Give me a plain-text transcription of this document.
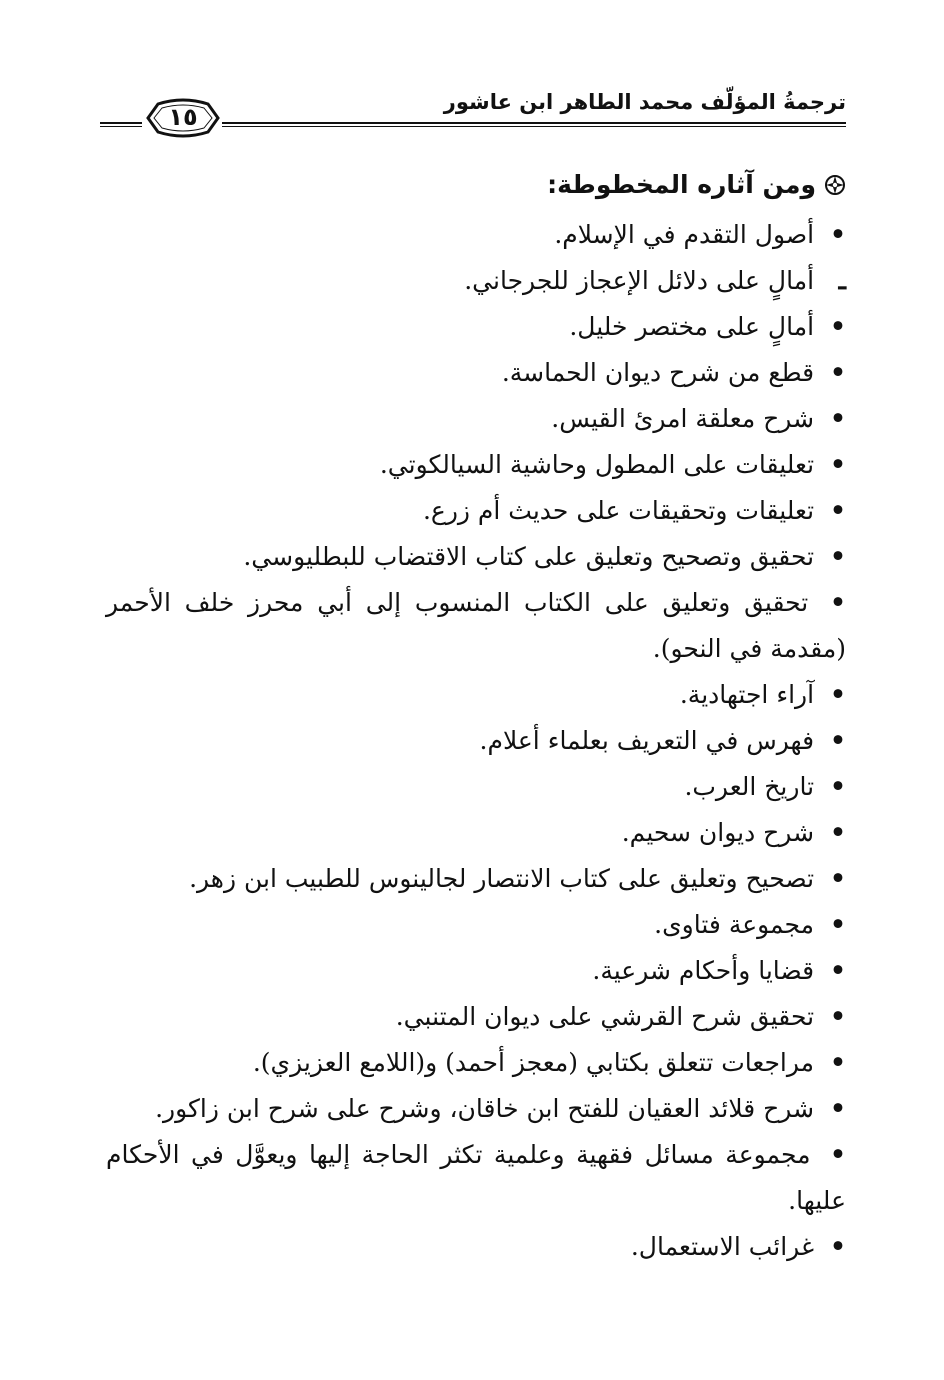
ترجمةُ المؤلّف محمد الطاهر ابن عاشور
١٥
ومن آثاره المخطوطة:
• أصول التقدم في الإسلام.
ـ أمالٍ على دلائل الإعجاز للجرجاني.
• أمالٍ على مختصر خليل.
• قطع من شرح ديوان الحماسة.
• شرح معلقة امرئ القيس.
• تعليقات على المطول وحاشية السيالكوتي.
• تعليقات وتحقيقات على حديث أم زرع.
• تحقيق وتصحيح وتعليق على كتاب الاقتضاب للبطليوسي.
• تحقيق وتعليق على الكتاب المنسوب إلى أبي محرز خلف الأحمر (مقدمة في النحو).
• آراء اجتهادية.
• فهرس في التعريف بعلماء أعلام.
• تاريخ العرب.
• شرح ديوان سحيم.
• تصحيح وتعليق على كتاب الانتصار لجالينوس للطبيب ابن زهر.
• مجموعة فتاوى.
• قضايا وأحكام شرعية.
• تحقيق شرح القرشي على ديوان المتنبي.
• مراجعات تتعلق بكتابي (معجز أحمد) و(اللامع العزيزي).
• شرح قلائد العقيان للفتح ابن خاقان، وشرح على شرح ابن زاكور.
• مجموعة مسائل فقهية وعلمية تكثر الحاجة إليها ويعوَّل في الأحكام عليها.
• غرائب الاستعمال.
